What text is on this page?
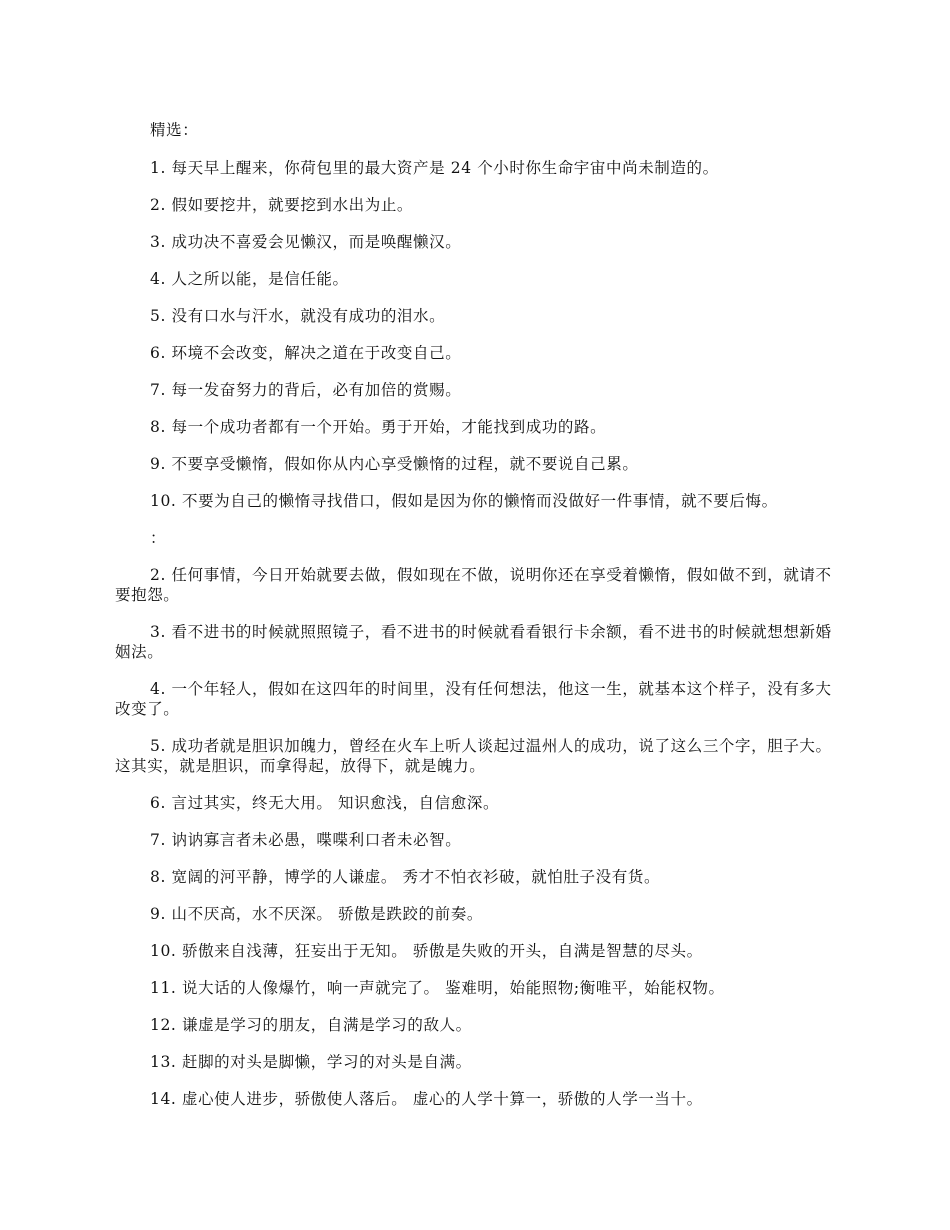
精选：

1. 每天早上醒来，你荷包里的最大资产是 24 个小时你生命宇宙中尚未制造的。

2. 假如要挖井，就要挖到水出为止。

3. 成功决不喜爱会见懒汉，而是唤醒懒汉。

4. 人之所以能，是信任能。

5. 没有口水与汗水，就没有成功的泪水。

6. 环境不会改变，解决之道在于改变自己。

7. 每一发奋努力的背后，必有加倍的赏赐。

8. 每一个成功者都有一个开始。勇于开始，才能找到成功的路。

9. 不要享受懒惰，假如你从内心享受懒惰的过程，就不要说自己累。

10. 不要为自己的懒惰寻找借口，假如是因为你的懒惰而没做好一件事情，就不要后悔。

：

2. 任何事情，今日开始就要去做，假如现在不做，说明你还在享受着懒惰，假如做不到，就请不要抱怨。

3. 看不进书的时候就照照镜子，看不进书的时候就看看银行卡余额，看不进书的时候就想想新婚姻法。

4. 一个年轻人，假如在这四年的时间里，没有任何想法，他这一生，就基本这个样子，没有多大改变了。

5. 成功者就是胆识加魄力，曾经在火车上听人谈起过温州人的成功，说了这么三个字，胆子大。这其实，就是胆识，而拿得起，放得下，就是魄力。

6. 言过其实，终无大用。 知识愈浅，自信愈深。

7. 讷讷寡言者未必愚，喋喋利口者未必智。

8. 宽阔的河平静，博学的人谦虚。 秀才不怕衣衫破，就怕肚子没有货。

9. 山不厌高，水不厌深。 骄傲是跌跤的前奏。

10. 骄傲来自浅薄，狂妄出于无知。 骄傲是失败的开头，自满是智慧的尽头。

11. 说大话的人像爆竹，响一声就完了。 鉴难明，始能照物;衡唯平，始能权物。

12. 谦虚是学习的朋友，自满是学习的敌人。

13. 赶脚的对头是脚懒，学习的对头是自满。

14. 虚心使人进步，骄傲使人落后。 虚心的人学十算一，骄傲的人学一当十。
